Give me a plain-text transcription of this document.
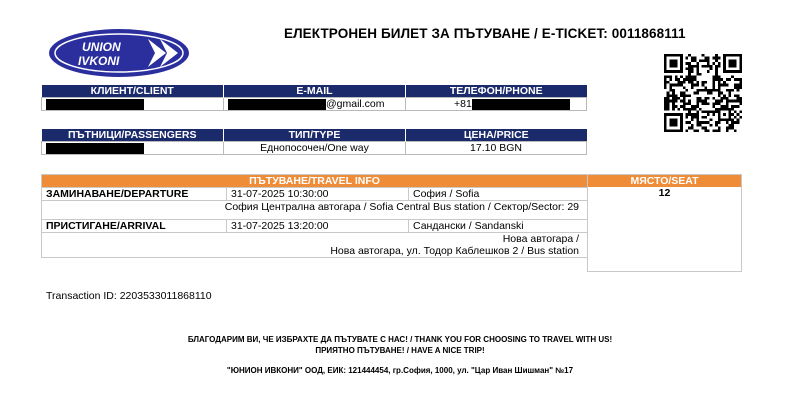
UNION
IVKONI
ЕЛЕКТРОНЕН БИЛЕТ ЗА ПЪТУВАНЕ / E-TICKET: 0011868111
КЛИЕНТ/CLIENT	E-MAIL	ТЕЛЕФОН/PHONE
	@gmail.com	+81
ПЪТНИЦИ/PASSENGERS	ТИП/TYPE	ЦЕНА/PRICE
	Еднопосочен/One way	17.10 BGN
ПЪТУВАНЕ/TRAVEL INFO		
ЗАМИНАВАНЕ/DEPARTURE	31-07-2025 10:30:00	София / Sofia
София Централна автогара / Sofia Central Bus station / Сектор/Sector: 29		

ПРИСТИГАНЕ/ARRIVAL	31-07-2025 13:20:00	Сандански / Sandanski
Нова автогара /		
Нова автогара, ул. Тодор Каблешков 2 / Bus station		
МЯСТО/SEAT
12

Transaction ID: 2203533011868110
БЛАГОДАРИМ ВИ, ЧЕ ИЗБРАХТЕ ДА ПЪТУВАТЕ С НАС! / THANK YOU FOR CHOOSING TO TRAVEL WITH US!
ПРИЯТНО ПЪТУВАНЕ! / HAVE A NICE TRIP!
"ЮНИОН ИВКОНИ" ООД, ЕИК: 121444454, гр.София, 1000, ул. "Цар Иван Шишман" №17
